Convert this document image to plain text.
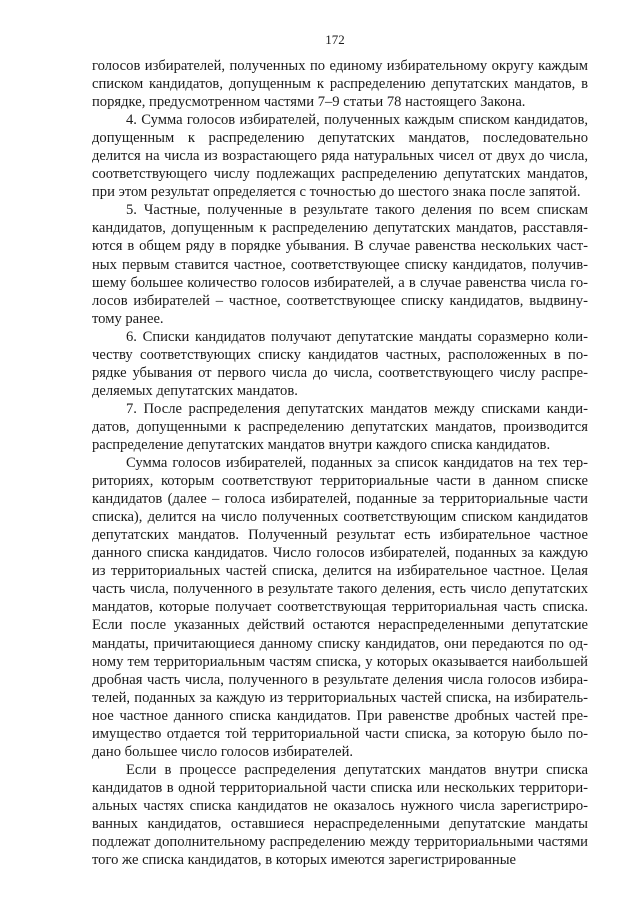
172

голосов избирателей, полученных по единому избирательному округу каждым списком кандидатов, допущенным к распределению депутатских мандатов, в порядке, предусмотренном частями 7–9 статьи 78 настоящего Закона.

4. Сумма голосов избирателей, полученных каждым списком кандидатов, допущенным к распределению депутатских мандатов, последовательно делится на числа из возрастающего ряда натуральных чисел от двух до числа, соответствующего числу подлежащих распределению депутатских мандатов, при этом результат определяется с точностью до шестого знака после запятой.

5. Частные, полученные в результате такого деления по всем спискам кандидатов, допущенным к распределению депутатских мандатов, расставляются в общем ряду в порядке убывания. В случае равенства нескольких частных первым ставится частное, соответствующее списку кандидатов, получившему большее количество голосов избирателей, а в случае равенства числа голосов избирателей – частное, соответствующее списку кандидатов, выдвинутому ранее.

6. Списки кандидатов получают депутатские мандаты соразмерно количеству соответствующих списку кандидатов частных, расположенных в порядке убывания от первого числа до числа, соответствующего числу распределяемых депутатских мандатов.

7. После распределения депутатских мандатов между списками кандидатов, допущенными к распределению депутатских мандатов, производится распределение депутатских мандатов внутри каждого списка кандидатов.

Сумма голосов избирателей, поданных за список кандидатов на тех территориях, которым соответствуют территориальные части в данном списке кандидатов (далее – голоса избирателей, поданные за территориальные части списка), делится на число полученных соответствующим списком кандидатов депутатских мандатов. Полученный результат есть избирательное частное данного списка кандидатов. Число голосов избирателей, поданных за каждую из территориальных частей списка, делится на избирательное частное. Целая часть числа, полученного в результате такого деления, есть число депутатских мандатов, которые получает соответствующая территориальная часть списка. Если после указанных действий остаются нераспределенными депутатские мандаты, причитающиеся данному списку кандидатов, они передаются по одному тем территориальным частям списка, у которых оказывается наибольшей дробная часть числа, полученного в результате деления числа голосов избирателей, поданных за каждую из территориальных частей списка, на избирательное частное данного списка кандидатов. При равенстве дробных частей преимущество отдается той территориальной части списка, за которую было подано большее число голосов избирателей.

Если в процессе распределения депутатских мандатов внутри списка кандидатов в одной территориальной части списка или нескольких территориальных частях списка кандидатов не оказалось нужного числа зарегистрированных кандидатов, оставшиеся нераспределенными депутатские мандаты подлежат дополнительному распределению между территориальными частями того же списка кандидатов, в которых имеются зарегистрированные
